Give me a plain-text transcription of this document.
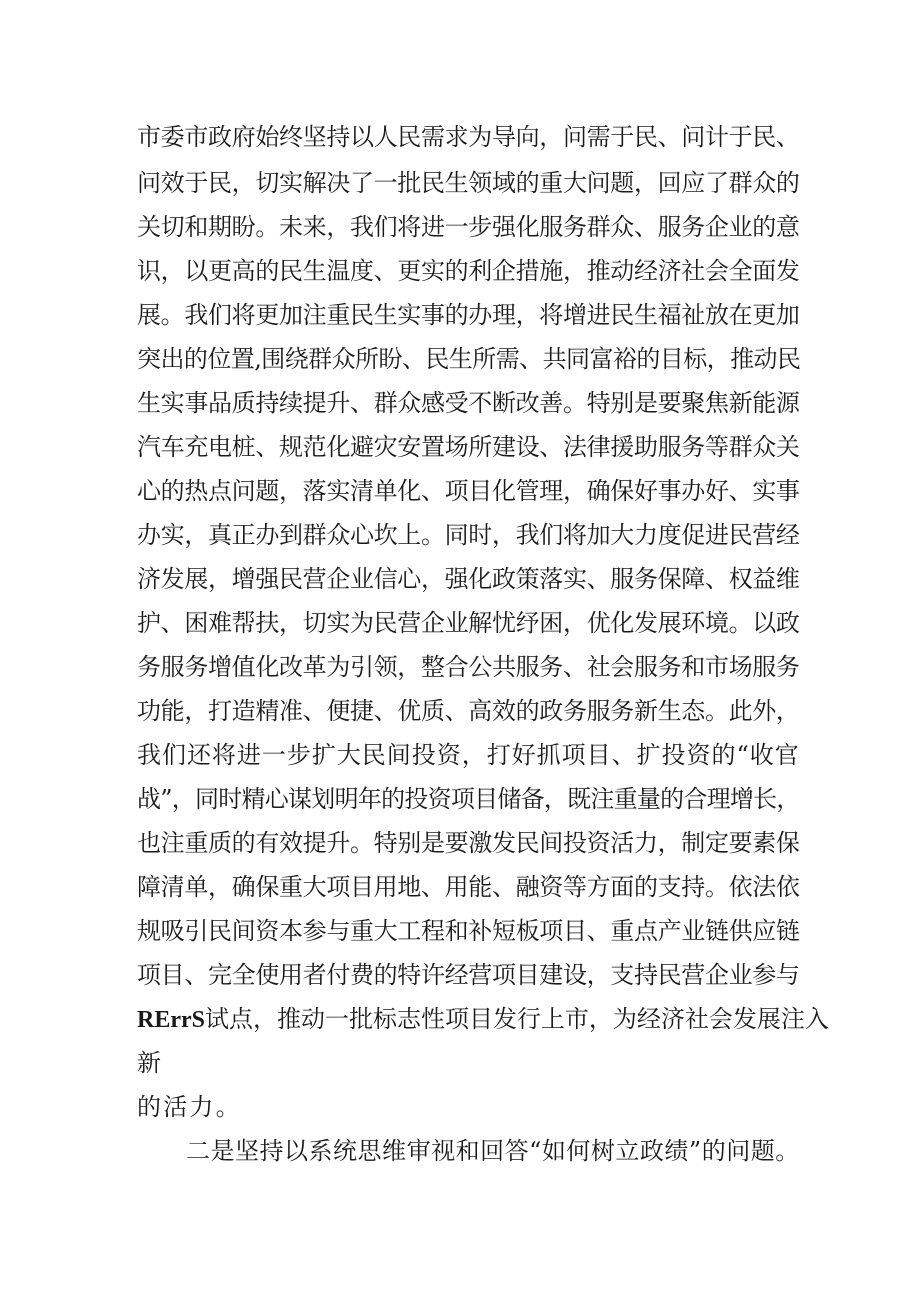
市委市政府始终坚持以人民需求为导向，问需于民、问计于民、
问效于民，切实解决了一批民生领域的重大问题，回应了群众的
关切和期盼。未来，我们将进一步强化服务群众、服务企业的意
识，以更高的民生温度、更实的利企措施，推动经济社会全面发
展。我们将更加注重民生实事的办理，将增进民生福祉放在更加
突出的位置,围绕群众所盼、民生所需、共同富裕的目标，推动民
生实事品质持续提升、群众感受不断改善。特别是要聚焦新能源
汽车充电桩、规范化避灾安置场所建设、法律援助服务等群众关
心的热点问题，落实清单化、项目化管理，确保好事办好、实事
办实，真正办到群众心坎上。同时，我们将加大力度促进民营经
济发展，增强民营企业信心，强化政策落实、服务保障、权益维
护、困难帮扶，切实为民营企业解忧纾困，优化发展环境。以政
务服务增值化改革为引领，整合公共服务、社会服务和市场服务
功能，打造精准、便捷、优质、高效的政务服务新生态。此外，
我们还将进一步扩大民间投资，打好抓项目、扩投资的“收官
战”，同时精心谋划明年的投资项目储备，既注重量的合理增长，
也注重质的有效提升。特别是要激发民间投资活力，制定要素保
障清单，确保重大项目用地、用能、融资等方面的支持。依法依
规吸引民间资本参与重大工程和补短板项目、重点产业链供应链
项目、完全使用者付费的特许经营项目建设，支持民营企业参与
RErrS试点，推动一批标志性项目发行上市，为经济社会发展注入
新
的活力。
二是坚持以系统思维审视和回答“如何树立政绩”的问题。
